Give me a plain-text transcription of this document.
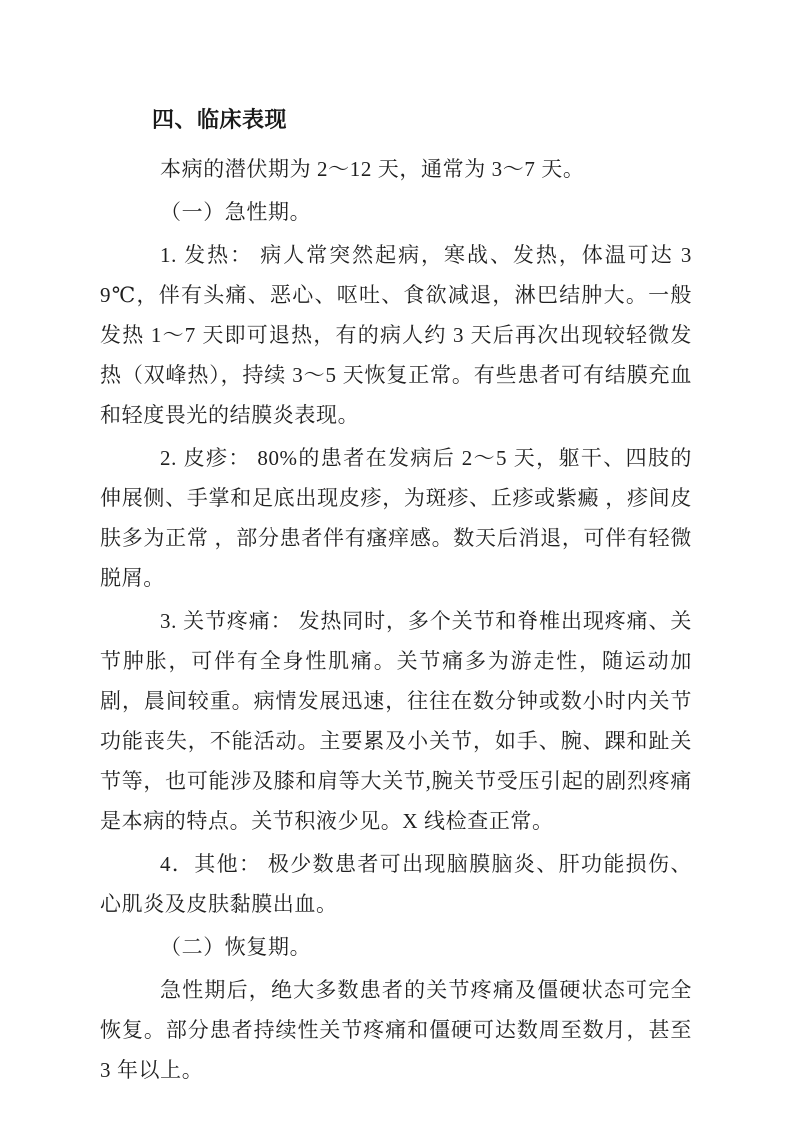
四、临床表现

本病的潜伏期为 2～12 天，通常为 3～7 天。

（一）急性期。

1. 发热： 病人常突然起病，寒战、发热，体温可达 39℃，伴有头痛、恶心、呕吐、食欲减退，淋巴结肿大。一般发热 1～7 天即可退热，有的病人约 3 天后再次出现较轻微发热（双峰热），持续 3～5 天恢复正常。有些患者可有结膜充血和轻度畏光的结膜炎表现。

2. 皮疹： 80%的患者在发病后 2～5 天，躯干、四肢的伸展侧、手掌和足底出现皮疹，为斑疹、丘疹或紫癜 ，疹间皮肤多为正常 ，部分患者伴有瘙痒感。数天后消退，可伴有轻微脱屑。

3. 关节疼痛： 发热同时，多个关节和脊椎出现疼痛、关节肿胀，可伴有全身性肌痛。关节痛多为游走性，随运动加剧，晨间较重。病情发展迅速，往往在数分钟或数小时内关节功能丧失，不能活动。主要累及小关节，如手、腕、踝和趾关节等，也可能涉及膝和肩等大关节,腕关节受压引起的剧烈疼痛是本病的特点。关节积液少见。X 线检查正常。

4．其他： 极少数患者可出现脑膜脑炎、肝功能损伤、心肌炎及皮肤黏膜出血。

（二）恢复期。

急性期后，绝大多数患者的关节疼痛及僵硬状态可完全恢复。部分患者持续性关节疼痛和僵硬可达数周至数月，甚至 3 年以上。
